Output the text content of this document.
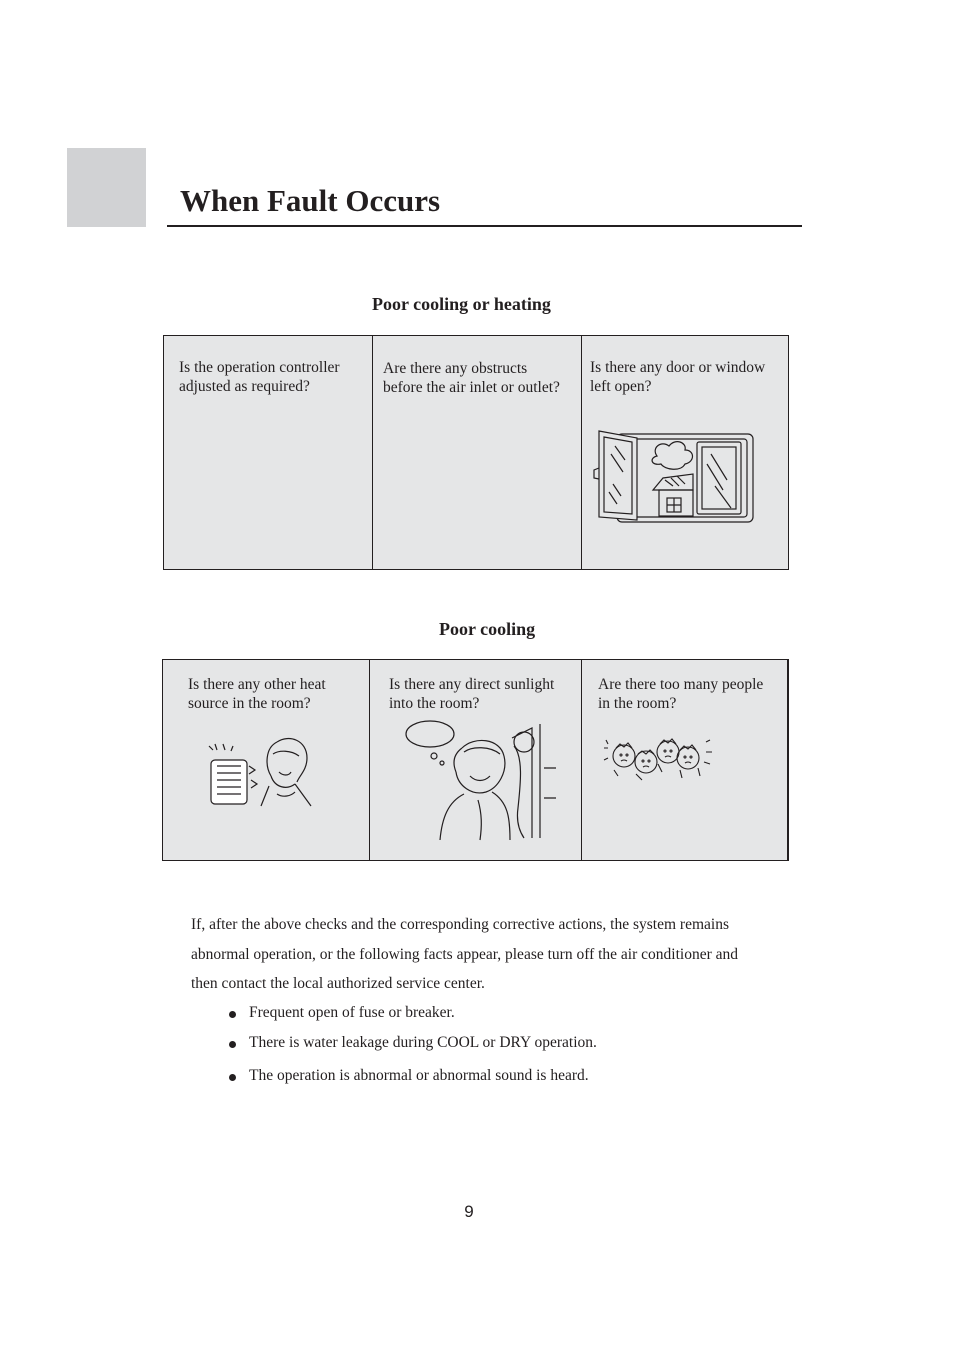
When Fault Occurs
Poor cooling or heating
Is the operation controller
adjusted as required?
Are there any obstructs
before the air inlet or outlet?
Is there any door or window
left open?
Poor cooling
Is there any other heat
source in the room?
Is there any direct sunlight
into the room?
Are there too many people
in the room?

If, after the above checks and the corresponding corrective actions, the system remains

abnormal operation, or the following facts appear, please turn off the air conditioner and

then contact the local authorized service center.

Frequent open of fuse or breaker.
There is water leakage during COOL or DRY operation.
The operation is abnormal or abnormal sound is heard.
9
